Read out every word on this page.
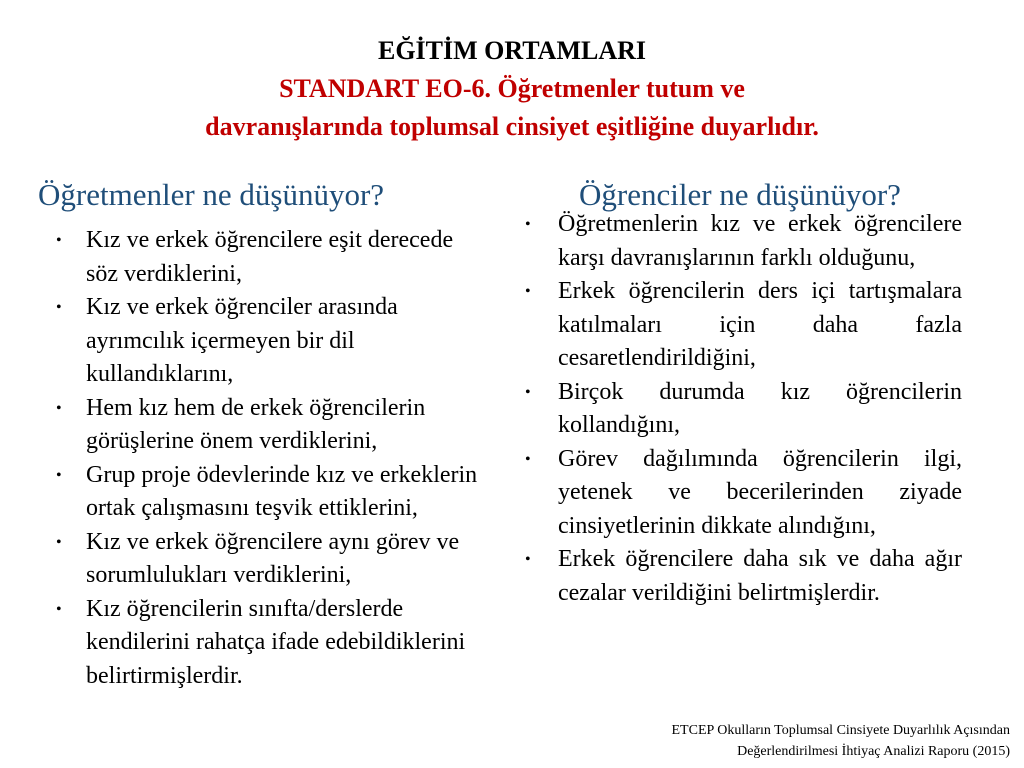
EĞİTİM ORTAMLARI
STANDART EO-6. Öğretmenler tutum ve
davranışlarında toplumsal cinsiyet eşitliğine duyarlıdır.
Öğretmenler ne düşünüyor?
• Kız ve erkek öğrencilere eşit derecede söz verdiklerini,
• Kız ve erkek öğrenciler arasında ayrımcılık içermeyen bir dil kullandıklarını,
• Hem kız hem de erkek öğrencilerin görüşlerine önem verdiklerini,
• Grup proje ödevlerinde kız ve erkeklerin ortak çalışmasını teşvik ettiklerini,
• Kız ve erkek öğrencilere aynı görev ve sorumlulukları verdiklerini,
• Kız öğrencilerin sınıfta/derslerde kendilerini rahatça ifade edebildiklerini belirtirmişlerdir.
• Öğretmenlerin kız ve erkek öğrencilere karşı davranışlarının farklı olduğunu,
• Erkek öğrencilerin ders içi tartışmalara katılmaları için daha fazla cesaretlendirildiğini,
• Birçok durumda kız öğrencilerin kollandığını,
• Görev dağılımında öğrencilerin ilgi, yetenek ve becerilerinden ziyade cinsiyetlerinin dikkate alındığını,
• Erkek öğrencilere daha sık ve daha ağır cezalar verildiğini belirtmişlerdir.
Öğrenciler ne düşünüyor?
ETCEP Okulların Toplumsal Cinsiyete Duyarlılık Açısından
Değerlendirilmesi İhtiyaç Analizi Raporu (2015)
